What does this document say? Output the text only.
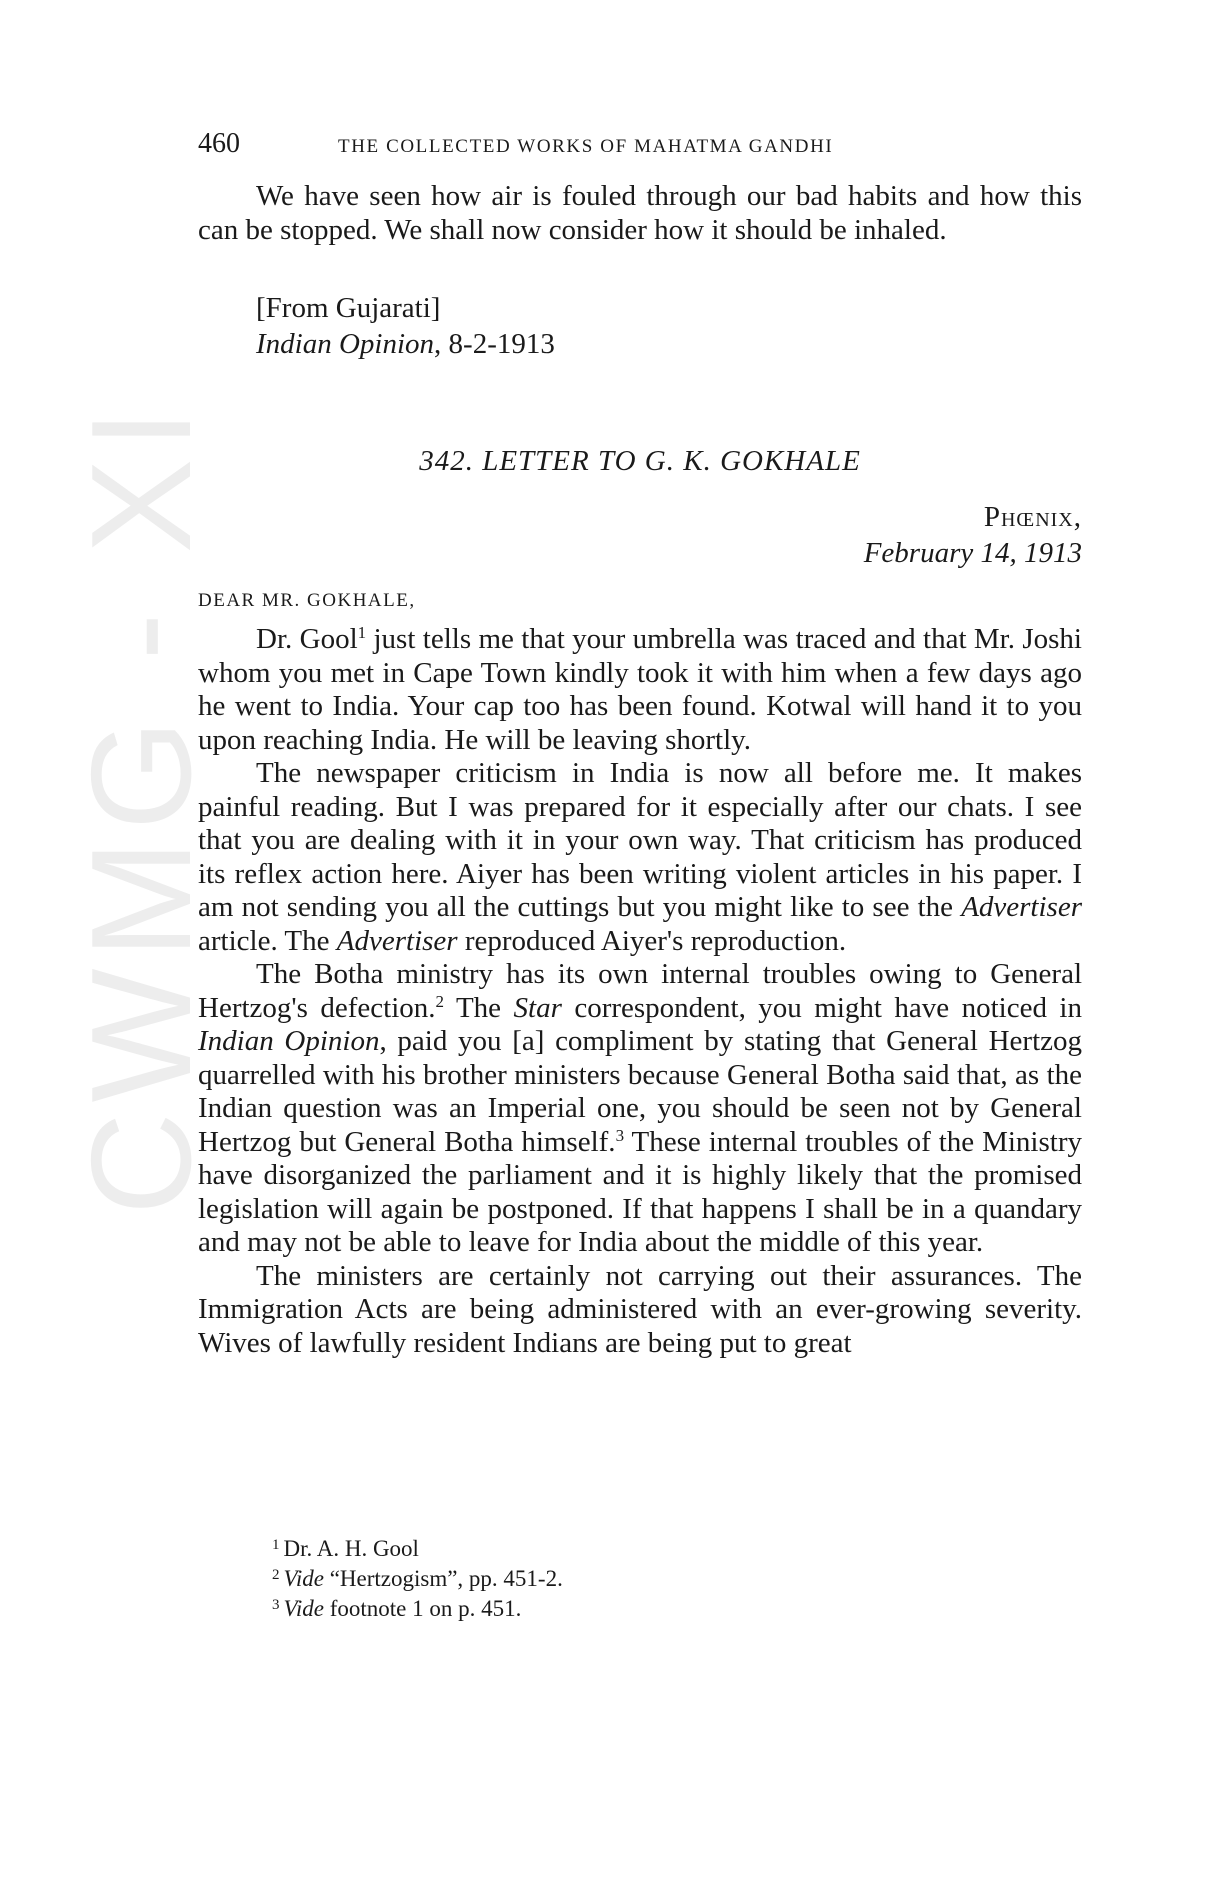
CWMG - XI
460	THE COLLECTED WORKS OF MAHATMA GANDHI

We have seen how air is fouled through our bad habits and how this can be stopped. We shall now consider how it should be inhaled.

[From Gujarati]
Indian Opinion, 8-2-1913
342. LETTER TO G. K. GOKHALE
Phœnix,
February 14, 1913
DEAR MR. GOKHALE,

Dr. Gool$^1$ just tells me that your umbrella was traced and that Mr. Joshi whom you met in Cape Town kindly took it with him when a few days ago he went to India. Your cap too has been found. Kotwal will hand it to you upon reaching India. He will be leaving shortly.

The newspaper criticism in India is now all before me. It makes painful reading. But I was prepared for it especially after our chats. I see that you are dealing with it in your own way. That criticism has produced its reflex action here. Aiyer has been writing violent articles in his paper. I am not sending you all the cuttings but you might like to see the Advertiser article. The Advertiser reproduced Aiyer's reproduction.

The Botha ministry has its own internal troubles owing to General Hertzog's defection.$^2$ The Star correspondent, you might have noticed in Indian Opinion, paid you [a] compliment by stating that General Hertzog quarrelled with his brother ministers because General Botha said that, as the Indian question was an Imperial one, you should be seen not by General Hertzog but General Botha himself.$^3$ These internal troubles of the Ministry have disorganized the parliament and it is highly likely that the promised legislation will again be postponed. If that happens I shall be in a quandary and may not be able to leave for India about the middle of this year.

The ministers are certainly not carrying out their assurances. The Immigration Acts are being administered with an ever-growing severity. Wives of lawfully resident Indians are being put to great

$^1$ Dr. A. H. Gool
$^2$ Vide “Hertzogism”, pp. 451-2.
$^3$ Vide footnote 1 on p. 451.
